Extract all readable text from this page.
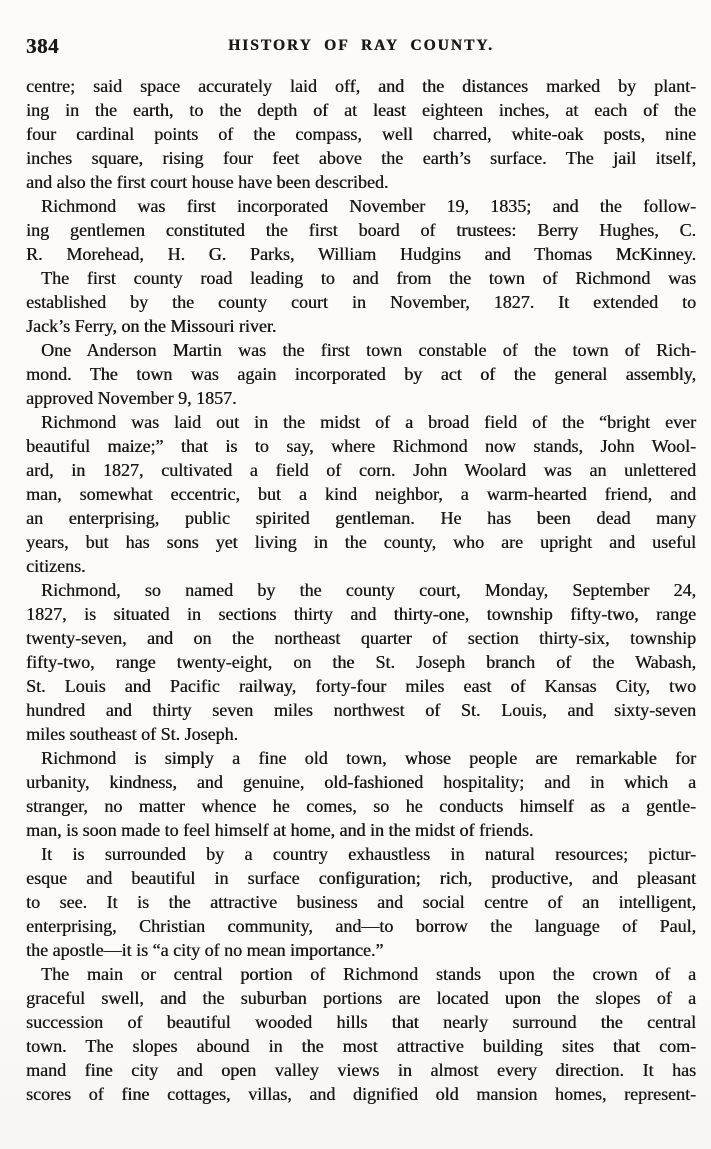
384	HISTORY OF RAY COUNTY.
centre; said space accurately laid off, and the distances marked by plant-
ing in the earth, to the depth of at least eighteen inches, at each of the
four cardinal points of the compass, well charred, white-oak posts, nine
inches square, rising four feet above the earth’s surface. The jail itself,
and also the first court house have been described.
Richmond was first incorporated November 19, 1835; and the follow-
ing gentlemen constituted the first board of trustees: Berry Hughes, C.
R. Morehead, H. G. Parks, William Hudgins and Thomas McKinney.
The first county road leading to and from the town of Richmond was
established by the county court in November, 1827. It extended to
Jack’s Ferry, on the Missouri river.
One Anderson Martin was the first town constable of the town of Rich-
mond. The town was again incorporated by act of the general assembly,
approved November 9, 1857.
Richmond was laid out in the midst of a broad field of the “bright ever
beautiful maize;” that is to say, where Richmond now stands, John Wool-
ard, in 1827, cultivated a field of corn. John Woolard was an unlettered
man, somewhat eccentric, but a kind neighbor, a warm-hearted friend, and
an enterprising, public spirited gentleman. He has been dead many
years, but has sons yet living in the county, who are upright and useful
citizens.
Richmond, so named by the county court, Monday, September 24,
1827, is situated in sections thirty and thirty-one, township fifty-two, range
twenty-seven, and on the northeast quarter of section thirty-six, township
fifty-two, range twenty-eight, on the St. Joseph branch of the Wabash,
St. Louis and Pacific railway, forty-four miles east of Kansas City, two
hundred and thirty seven miles northwest of St. Louis, and sixty-seven
miles southeast of St. Joseph.
Richmond is simply a fine old town, whose people are remarkable for
urbanity, kindness, and genuine, old-fashioned hospitality; and in which a
stranger, no matter whence he comes, so he conducts himself as a gentle-
man, is soon made to feel himself at home, and in the midst of friends.
It is surrounded by a country exhaustless in natural resources; pictur-
esque and beautiful in surface configuration; rich, productive, and pleasant
to see. It is the attractive business and social centre of an intelligent,
enterprising, Christian community, and—to borrow the language of Paul,
the apostle—it is “a city of no mean importance.”
The main or central portion of Richmond stands upon the crown of a
graceful swell, and the suburban portions are located upon the slopes of a
succession of beautiful wooded hills that nearly surround the central
town. The slopes abound in the most attractive building sites that com-
mand fine city and open valley views in almost every direction. It has
scores of fine cottages, villas, and dignified old mansion homes, represent-
